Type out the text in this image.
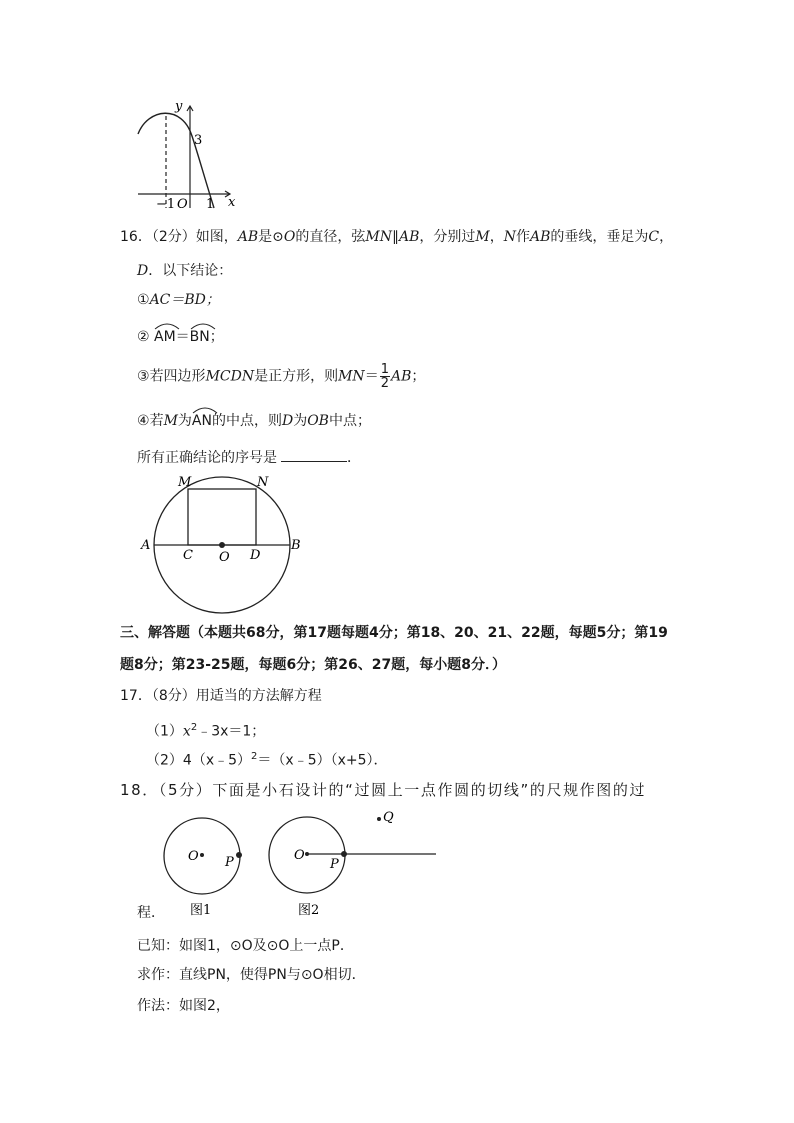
y
x
3
−1 O 1
16．（2分）如图，AB是⊙O的直径，弦MN∥AB，分别过M，N作AB的垂线，垂足为C，
D．以下结论：
①AC＝BD；
② AM＝
BN；
③若四边形MCDN是正方形，则$MN= \frac{1}{2}$ AB；
④若M为
AN的中点，则D为OB中点；
所有正确结论的序号是	．
M	N
A	B
C O D
三、解答题（本题共68分，第17题每题4分；第18、20、21、22题，每题5分；第19
题8分；第23-25题，每题6分；第26、27题，每小题8分．）
17．（8分）用适当的方法解方程
$(1)x^2﹣3x=1$；
（2）4（x﹣5）$^2$＝（x﹣5）（x+5）．
18．（5分）下面是小石设计的“过圆上一点作圆的切线”的尺规作图的过
O P
图1
O
P
Q
图2
程．
已知：如图1，⊙O及⊙O上一点P．
求作：直线PN，使得PN与⊙O相切．
作法：如图2，
